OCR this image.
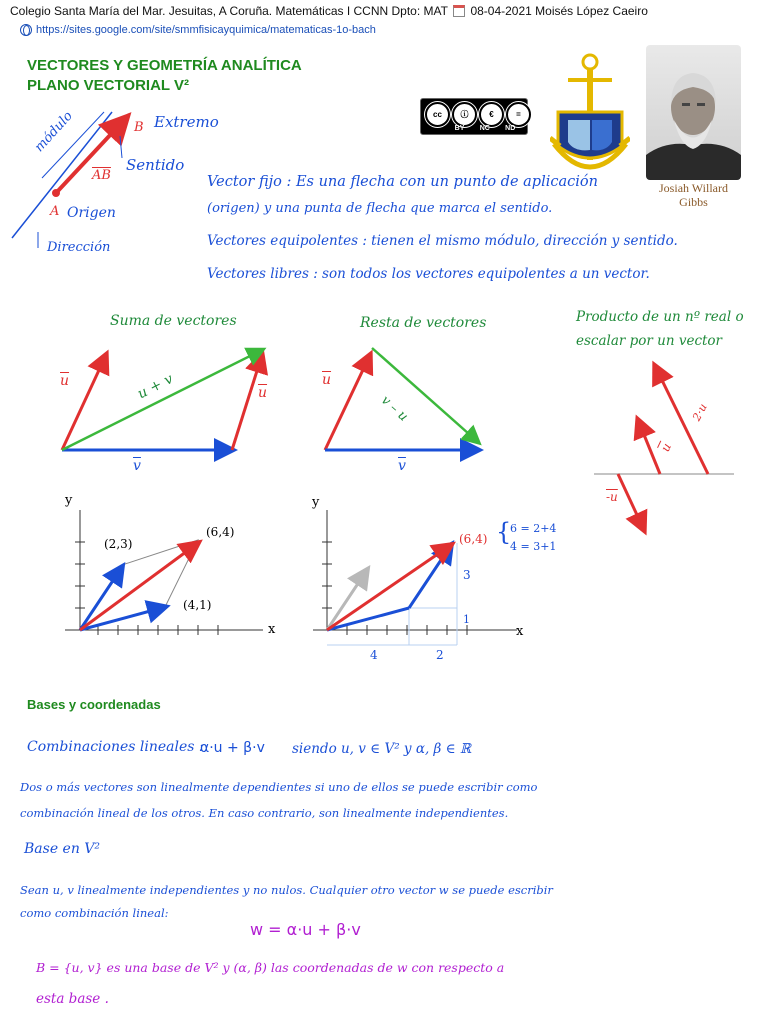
Colegio Santa María del Mar. Jesuitas, A Coruña. Matemáticas I CCNN Dpto: MAT 08-04-2021 Moisés López Caeiro
https://sites.google.com/site/smmfisicayquimica/matematicas-1o-bach
VECTORES Y GEOMETRÍA ANALÍTICA
PLANO VECTORIAL V²
cc	ⓘ	€	=
BY NC ND
Josiah Willard
Gibbs
módulo	B Extremo
Sentido
$\overline{AB}$
A Origen
Dirección
Vector fijo : Es una flecha con un punto de aplicación
(origen) y una punta de flecha que marca el sentido.
Vectores equipolentes : tienen el mismo módulo, dirección y sentido.
Vectores libres : son todos los vectores equipolentes a un vector.
Suma de vectores	Resta de vectores	Producto de un nº real o
escalar por un vector
$\overline{u}$
$\overline{u}$
$\overline{v}$
u + v	$\overline{u}$
$\overline{v}$
v – u	2·u
$\overline{u}$
-u
y
x
(2,3)
(6,4)
(4,1)
y
x
(6,4) {
6 = 2+4
4 = 3+1
3
1
4	2
Bases y coordenadas
Combinaciones lineales :
α·u + β·v siendo u, v ∈ V² y α, β ∈ ℝ
Dos o más vectores son linealmente dependientes si uno de ellos se puede escribir como
combinación lineal de los otros. En caso contrario, son linealmente independientes.
Base en V²
Sean u, v linealmente independientes y no nulos. Cualquier otro vector w se puede escribir
como combinación lineal:
w = α·u + β·v
B = {u, v} es una base de V² y (α, β) las coordenadas de w con respecto a
esta base .
